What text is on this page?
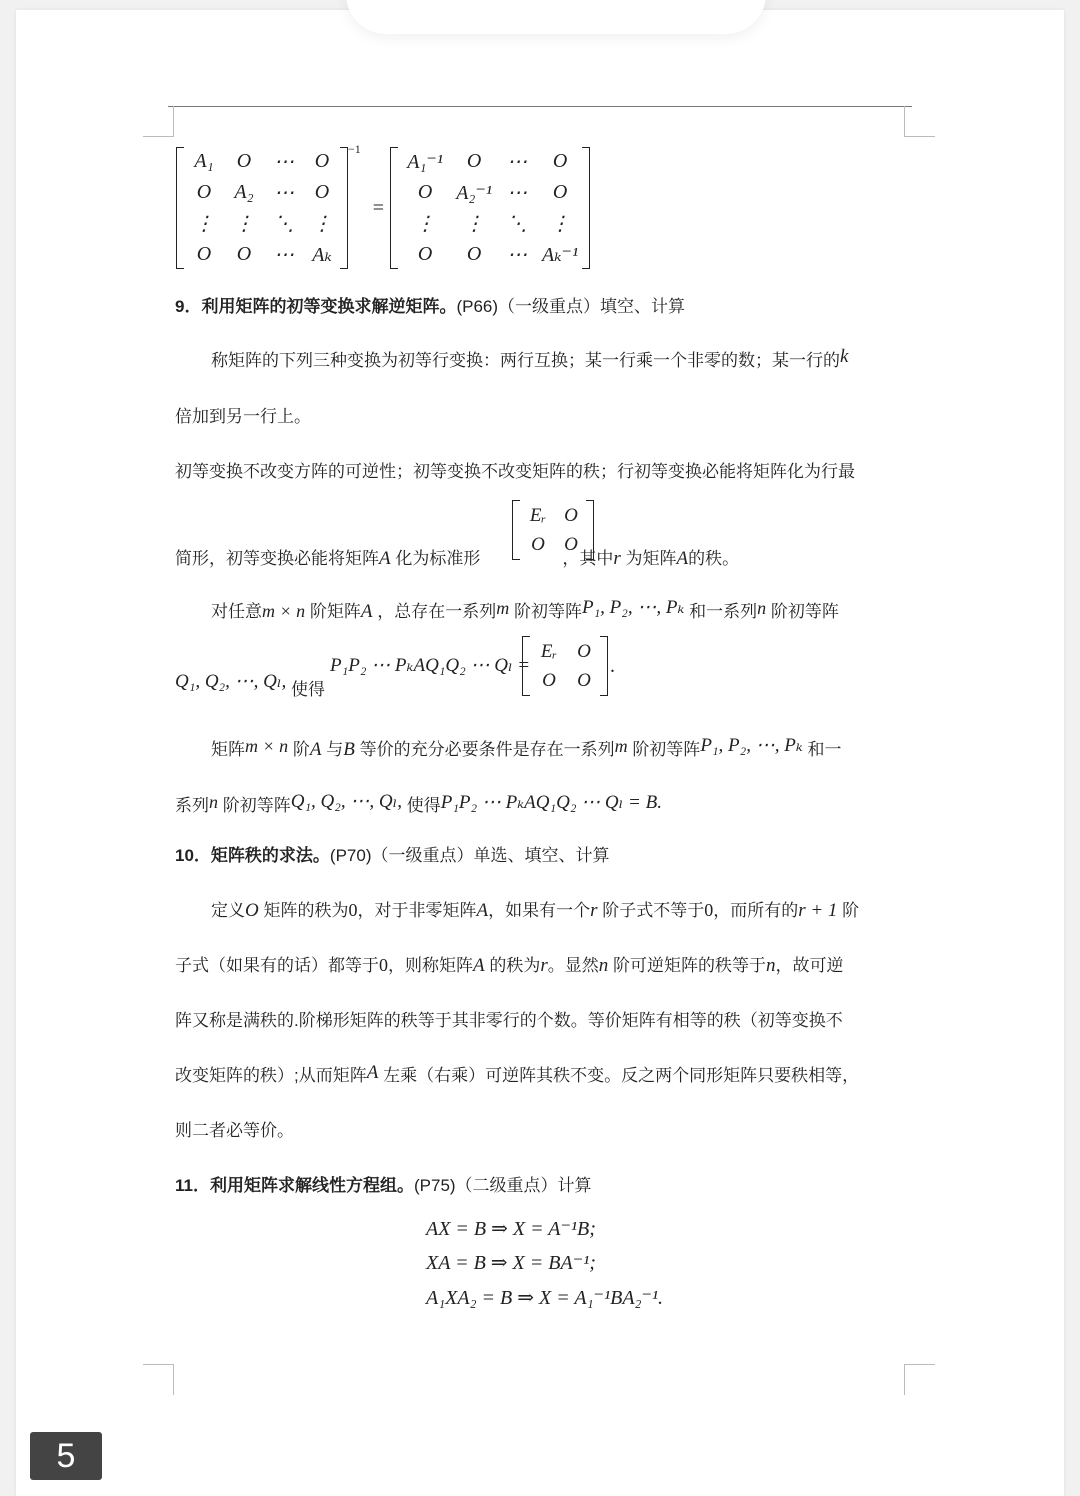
A₁	O	⋯	O
O	A₂	⋯	O
⋮	⋮	⋱	⋮
O	O	⋯	Aₖ
−1
=
A₁⁻¹	O	⋯	O
O	A₂⁻¹	⋯	O
⋮	⋮	⋱	⋮
O	O	⋯	Aₖ⁻¹
9．利用矩阵的初等变换求解逆矩阵。(P66)（一级重点）填空、计算
称矩阵的下列三种变换为初等行变换：两行互换；某一行乘一个非零的数；某一行的k
倍加到另一行上。
初等变换不改变方阵的可逆性；初等变换不改变矩阵的秩；行初等变换必能将矩阵化为行最
简形，初等变换必能将矩阵A 化为标准形	，其中r 为矩阵A的秩。
Eᵣ	O
O	O
对任意m × n 阶矩阵A ，总存在一系列m 阶初等阵P₁, P₂, ⋯, Pₖ 和一系列n 阶初等阵
Q₁, Q₂, ⋯, Qₗ, 使得
P₁P₂ ⋯ PₖAQ₁Q₂ ⋯ Qₗ =
Eᵣ	O
O	O
.
矩阵m × n 阶A 与B 等价的充分必要条件是存在一系列m 阶初等阵P₁, P₂, ⋯, Pₖ 和一
系列n 阶初等阵Q₁, Q₂, ⋯, Qₗ, 使得P₁P₂ ⋯ PₖAQ₁Q₂ ⋯ Qₗ = B.
10．矩阵秩的求法。(P70)（一级重点）单选、填空、计算
定义O 矩阵的秩为0，对于非零矩阵A，如果有一个r 阶子式不等于0，而所有的r + 1 阶
子式（如果有的话）都等于0，则称矩阵A 的秩为r。显然n 阶可逆矩阵的秩等于n，故可逆
阵又称是满秩的.阶梯形矩阵的秩等于其非零行的个数。等价矩阵有相等的秩（初等变换不
改变矩阵的秩）;从而矩阵A 左乘（右乘）可逆阵其秩不变。反之两个同形矩阵只要秩相等，
则二者必等价。
11．利用矩阵求解线性方程组。(P75)（二级重点）计算
AX = B ⇒ X = A⁻¹B;
XA = B ⇒ X = BA⁻¹;
A₁XA₂ = B ⇒ X = A₁⁻¹BA₂⁻¹.
5
